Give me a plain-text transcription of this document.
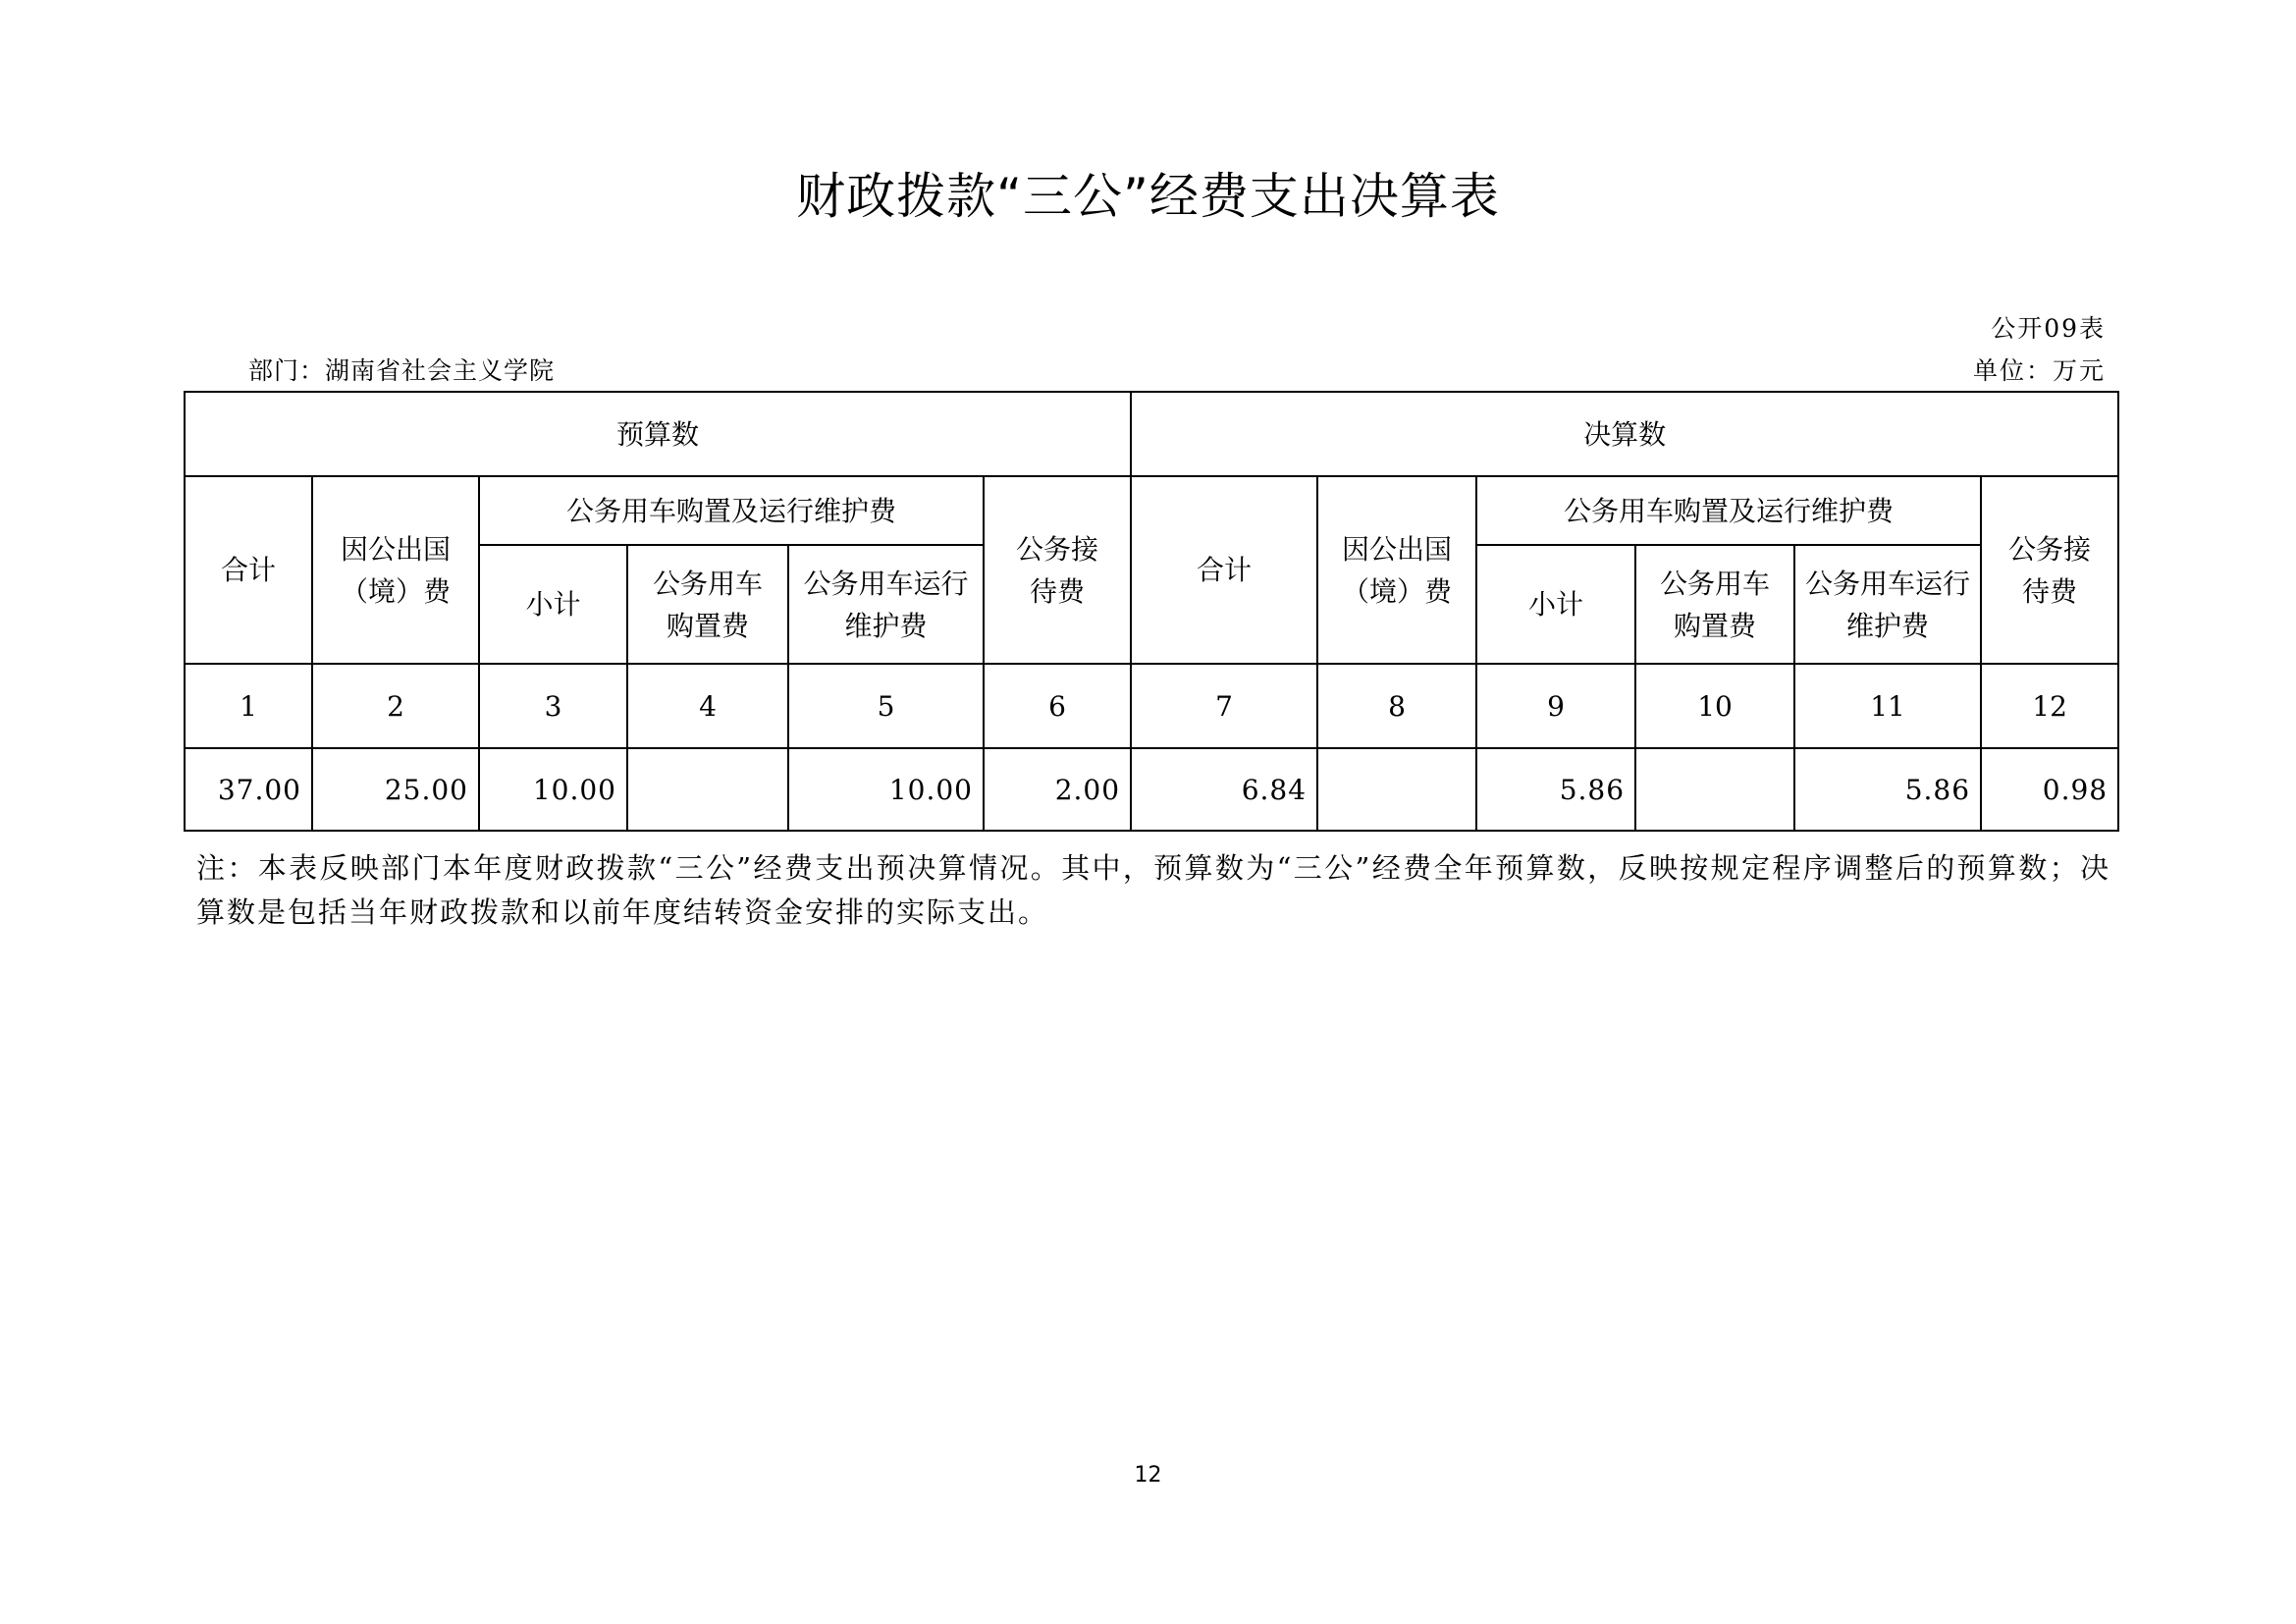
财政拨款“三公”经费支出决算表
公开09表
部门：湖南省社会主义学院	单位：万元
预算数						决算数					
合计	因公出国（境）费	公务用车购置及运行维护费			公务接待费	合计	因公出国（境）费	公务用车购置及运行维护费			公务接待费
		小计	公务用车购置费	公务用车运行维护费				小计	公务用车购置费	公务用车运行维护费	
1	2	3	4	5	6	7	8	9	10	11	12
37.00	25.00	10.00		10.00	2.00	6.84		5.86		5.86	0.98
注：本表反映部门本年度财政拨款“三公”经费支出预决算情况。其中，预算数为“三公”经费全年预算数，反映按规定程序调整后的预算数；决算数是包括当年财政拨款和以前年度结转资金安排的实际支出。
12
